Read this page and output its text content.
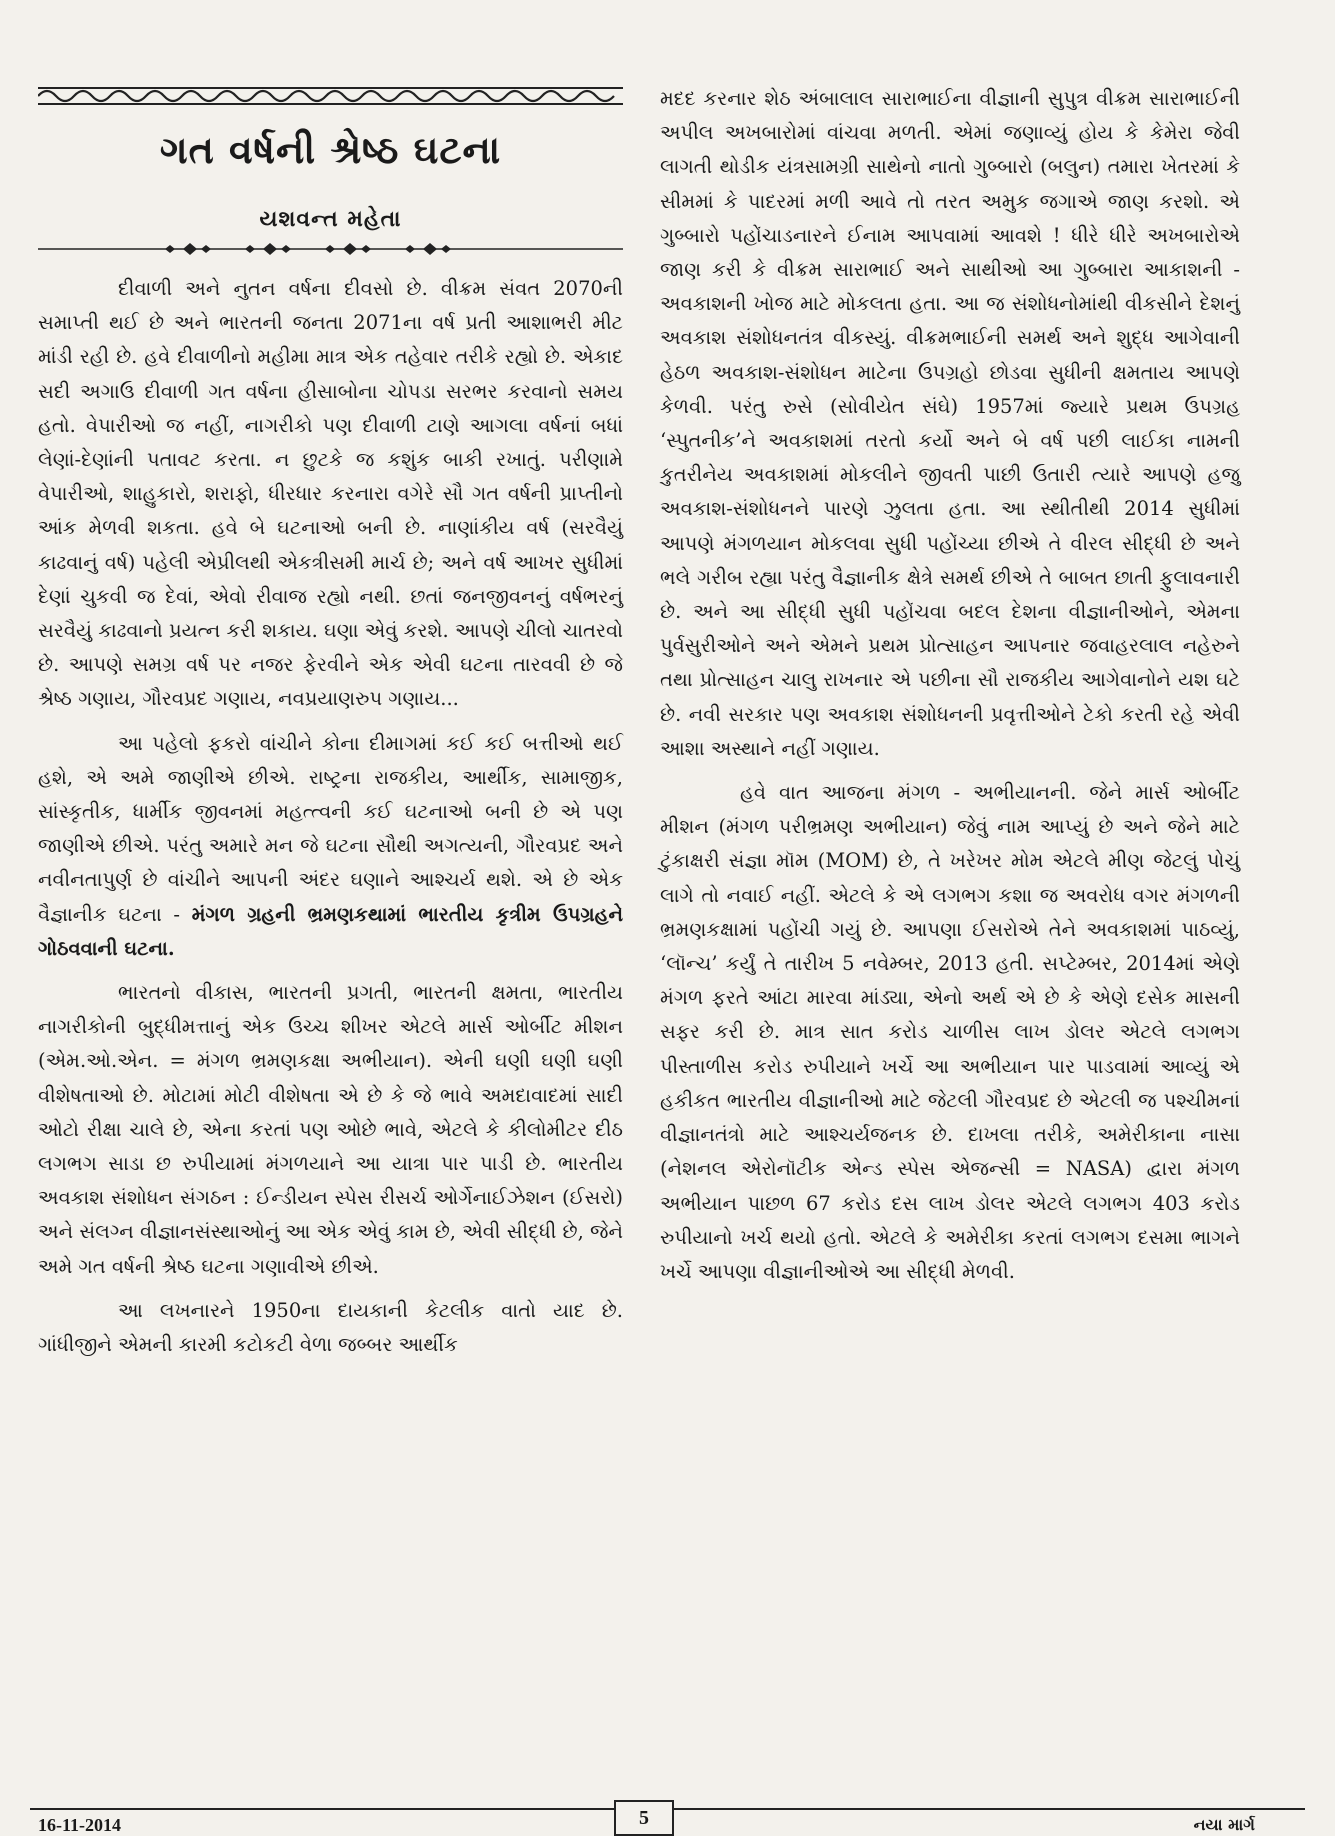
ગત વર્ષની શ્રેષ્ઠ ઘટના
યશવન્ત મહેતા

દીવાળી અને નુતન વર્ષના દીવસો છે. વીક્રમ સંવત 2070ની સમાપ્તી થઈ છે અને ભારતની જનતા 2071ના વર્ષ પ્રતી આશાભરી મીટ માંડી રહી છે. હવે દીવાળીનો મહીમા માત્ર એક તહેવાર તરીકે રહ્યો છે. એકાદ સદી અગાઉ દીવાળી ગત વર્ષના હીસાબોના ચોપડા સરભર કરવાનો સમય હતો. વેપારીઓ જ નહીં, નાગરીકો પણ દીવાળી ટાણે આગલા વર્ષનાં બધાં લેણાં-દેણાંની પતાવટ કરતા. ન છુટકે જ કશુંક બાકી રખાતું. પરીણામે વેપારીઓ, શાહુકારો, શરાફો, ધીરધાર કરનારા વગેરે સૌ ગત વર્ષની પ્રાપ્તીનો આંક મેળવી શકતા. હવે બે ઘટનાઓ બની છે. નાણાંકીય વર્ષ (સરવૈયું કાઢવાનું વર્ષ) પહેલી એપ્રીલથી એકત્રીસમી માર્ચ છે; અને વર્ષ આખર સુધીમાં દેણાં ચુકવી જ દેવાં, એવો રીવાજ રહ્યો નથી. છતાં જનજીવનનું વર્ષભરનું સરવૈયું કાઢવાનો પ્રયત્ન કરી શકાય. ઘણા એવું કરશે. આપણે ચીલો ચાતરવો છે. આપણે સમગ્ર વર્ષ પર નજર ફેરવીને એક એવી ઘટના તારવવી છે જે શ્રેષ્ઠ ગણાય, ગૌરવપ્રદ ગણાય, નવપ્રયાણરુપ ગણાય...

આ પહેલો ફકરો વાંચીને કોના દીમાગમાં કઈ કઈ બત્તીઓ થઈ હશે, એ અમે જાણીએ છીએ. રાષ્ટ્રના રાજકીય, આર્થીક, સામાજીક, સાંસ્કૃતીક, ધાર્મીક જીવનમાં મહત્ત્વની કઈ ઘટનાઓ બની છે એ પણ જાણીએ છીએ. પરંતુ અમારે મન જે ઘટના સૌથી અગત્યની, ગૌરવપ્રદ અને નવીનતાપુર્ણ છે વાંચીને આપની અંદર ઘણાને આશ્ચર્ય થશે. એ છે એક વૈજ્ઞાનીક ઘટના - મંગળ ગ્રહની ભ્રમણકથામાં ભારતીય કૃત્રીમ ઉપગ્રહને ગોઠવવાની ઘટના.

ભારતનો વીકાસ, ભારતની પ્રગતી, ભારતની ક્ષમતા, ભારતીય નાગરીકોની બુદ્ધીમત્તાનું એક ઉચ્ચ શીખર એટલે માર્સ ઓર્બીટ મીશન (એમ.ઓ.એન. = મંગળ ભ્રમણકક્ષા અભીયાન). એની ઘણી ઘણી ઘણી વીશેષતાઓ છે. મોટામાં મોટી વીશેષતા એ છે કે જે ભાવે અમદાવાદમાં સાદી ઓટો રીક્ષા ચાલે છે, એના કરતાં પણ ઓછે ભાવે, એટલે કે કીલોમીટર દીઠ લગભગ સાડા છ રુપીયામાં મંગળયાને આ યાત્રા પાર પાડી છે. ભારતીય અવકાશ સંશોધન સંગઠન : ઈન્ડીયન સ્પેસ રીસર્ચ ઓર્ગેનાઈઝેશન (ઈસરો) અને સંલગ્ન વીજ્ઞાનસંસ્થાઓનું આ એક એવું કામ છે, એવી સીદ્ધી છે, જેને અમે ગત વર્ષની શ્રેષ્ઠ ઘટના ગણાવીએ છીએ.

આ લખનારને 1950ના દાયકાની કેટલીક વાતો યાદ છે. ગાંધીજીને એમની કારમી કટોકટી વેળા જબ્બર આર્થીક

મદદ કરનાર શેઠ અંબાલાલ સારાભાઈના વીજ્ઞાની સુપુત્ર વીક્રમ સારાભાઈની અપીલ અખબારોમાં વાંચવા મળતી. એમાં જણાવ્યું હોય કે કેમેરા જેવી લાગતી થોડીક યંત્રસામગ્રી સાથેનો નાતો ગુબ્બારો (બલુન) તમારા ખેતરમાં કે સીમમાં કે પાદરમાં મળી આવે તો તરત અમુક જગાએ જાણ કરશો. એ ગુબ્બારો પહોંચાડનારને ઈનામ આપવામાં આવશે ! ધીરે ધીરે અખબારોએ જાણ કરી કે વીક્રમ સારાભાઈ અને સાથીઓ આ ગુબ્બારા આકાશની - અવકાશની ખોજ માટે મોકલતા હતા. આ જ સંશોધનોમાંથી વીકસીને દેશનું અવકાશ સંશોધનતંત્ર વીકસ્યું. વીક્રમભાઈની સમર્થ અને શુદ્ધ આગેવાની હેઠળ અવકાશ-સંશોધન માટેના ઉપગ્રહો છોડવા સુધીની ક્ષમતાય આપણે કેળવી. પરંતુ રુસે (સોવીયેત સંઘે) 1957માં જ્યારે પ્રથમ ઉપગ્રહ ‘સ્પુતનીક’ને અવકાશમાં તરતો કર્યો અને બે વર્ષ પછી લાઈકા નામની કુતરીનેય અવકાશમાં મોકલીને જીવતી પાછી ઉતારી ત્યારે આપણે હજુ અવકાશ-સંશોધનને પારણે ઝુલતા હતા. આ સ્થીતીથી 2014 સુધીમાં આપણે મંગળયાન મોકલવા સુધી પહોંચ્યા છીએ તે વીરલ સીદ્ધી છે અને ભલે ગરીબ રહ્યા પરંતુ વૈજ્ઞાનીક ક્ષેત્રે સમર્થ છીએ તે બાબત છાતી ફુલાવનારી છે. અને આ સીદ્ધી સુધી પહોંચવા બદલ દેશના વીજ્ઞાનીઓને, એમના પુર્વસુરીઓને અને એમને પ્રથમ પ્રોત્સાહન આપનાર જવાહરલાલ નહેરુને તથા પ્રોત્સાહન ચાલુ રાખનાર એ પછીના સૌ રાજકીય આગેવાનોને યશ ઘટે છે. નવી સરકાર પણ અવકાશ સંશોધનની પ્રવૃત્તીઓને ટેકો કરતી રહે એવી આશા અસ્થાને નહીં ગણાય.

હવે વાત આજના મંગળ - અભીયાનની. જેને માર્સ ઓર્બીટ મીશન (મંગળ પરીભ્રમણ અભીયાન) જેવું નામ આપ્યું છે અને જેને માટે ટુંકાક્ષરી સંજ્ઞા મૉમ (MOM) છે, તે ખરેખર મોમ એટલે મીણ જેટલું પોચું લાગે તો નવાઈ નહીં. એટલે કે એ લગભગ કશા જ અવરોધ વગર મંગળની ભ્રમણકક્ષામાં પહોંચી ગયું છે. આપણા ઈસરોએ તેને અવકાશમાં પાઠવ્યું, ‘લૉન્ચ’ કર્યું તે તારીખ 5 નવેમ્બર, 2013 હતી. સપ્ટેમ્બર, 2014માં એણે મંગળ ફરતે આંટા મારવા માંડ્યા, એનો અર્થ એ છે કે એણે દસેક માસની સફર કરી છે. માત્ર સાત કરોડ ચાળીસ લાખ ડોલર એટલે લગભગ પીસ્તાળીસ કરોડ રુપીયાને ખર્ચે આ અભીયાન પાર પાડવામાં આવ્યું એ હકીકત ભારતીય વીજ્ઞાનીઓ માટે જેટલી ગૌરવપ્રદ છે એટલી જ પશ્ચીમનાં વીજ્ઞાનતંત્રો માટે આશ્ચર્યજનક છે. દાખલા તરીકે, અમેરીકાના નાસા (નેશનલ એરોનૉટીક એન્ડ સ્પેસ એજન્સી = NASA) દ્વારા મંગળ અભીયાન પાછળ 67 કરોડ દસ લાખ ડોલર એટલે લગભગ 403 કરોડ રુપીયાનો ખર્ચ થયો હતો. એટલે કે અમેરીકા કરતાં લગભગ દસમા ભાગને ખર્ચે આપણા વીજ્ઞાનીઓએ આ સીદ્ધી મેળવી.

16-11-2014	5	નયા માર્ગ
